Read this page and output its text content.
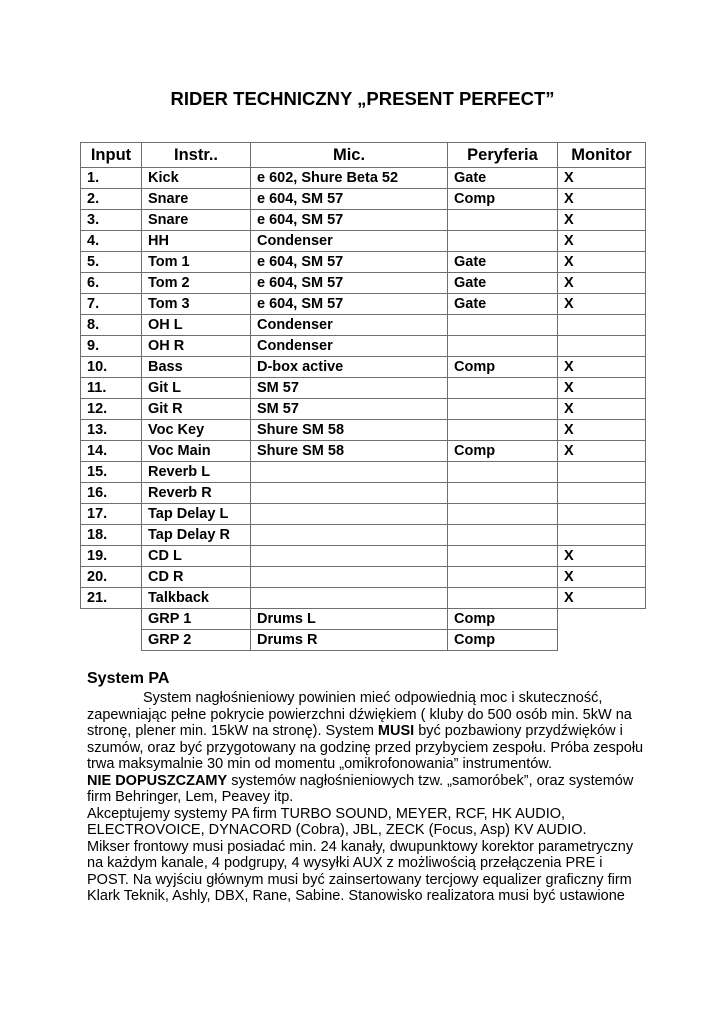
RIDER TECHNICZNY „PRESENT PERFECT”
Input	Instr..	Mic.	Peryferia	Monitor
1.	Kick	e 602, Shure Beta 52	Gate	X
2.	Snare	e 604, SM 57	Comp	X
3.	Snare	e 604, SM 57		X
4.	HH	Condenser		X
5.	Tom 1	e 604, SM 57	Gate	X
6.	Tom 2	e 604, SM 57	Gate	X
7.	Tom 3	e 604, SM 57	Gate	X
8.	OH L	Condenser		
9.	OH R	Condenser		
10.	Bass	D-box active	Comp	X
11.	Git L	SM 57		X
12.	Git R	SM 57		X
13.	Voc Key	Shure SM 58		X
14.	Voc Main	Shure SM 58	Comp	X
15.	Reverb L			
16.	Reverb R			
17.	Tap Delay L			
18.	Tap Delay R			
19.	CD L			X
20.	CD R			X
21.	Talkback			X
	GRP 1	Drums L	Comp	
	GRP 2	Drums R	Comp	
System PA

System nagłośnieniowy powinien mieć odpowiednią moc i skuteczność, zapewniając pełne pokrycie powierzchni dźwiękiem ( kluby do 500 osób min. 5kW na stronę, plener min. 15kW na stronę). System MUSI być pozbawiony przydźwięków i szumów, oraz być przygotowany na godzinę przed przybyciem zespołu. Próba zespołu trwa maksymalnie 30 min od momentu „omikrofonowania” instrumentów.

NIE DOPUSZCZAMY systemów nagłośnieniowych tzw. „samoróbek”, oraz systemów firm Behringer, Lem, Peavey itp.

Akceptujemy systemy PA firm TURBO SOUND, MEYER, RCF, HK AUDIO, ELECTROVOICE, DYNACORD (Cobra), JBL, ZECK (Focus, Asp) KV AUDIO.

Mikser frontowy musi posiadać min. 24 kanały, dwupunktowy korektor parametryczny na każdym kanale, 4 podgrupy, 4 wysyłki AUX z możliwością przełączenia PRE i POST. Na wyjściu głównym musi być zainsertowany tercjowy equalizer graficzny firm Klark Teknik, Ashly, DBX, Rane, Sabine. Stanowisko realizatora musi być ustawione
